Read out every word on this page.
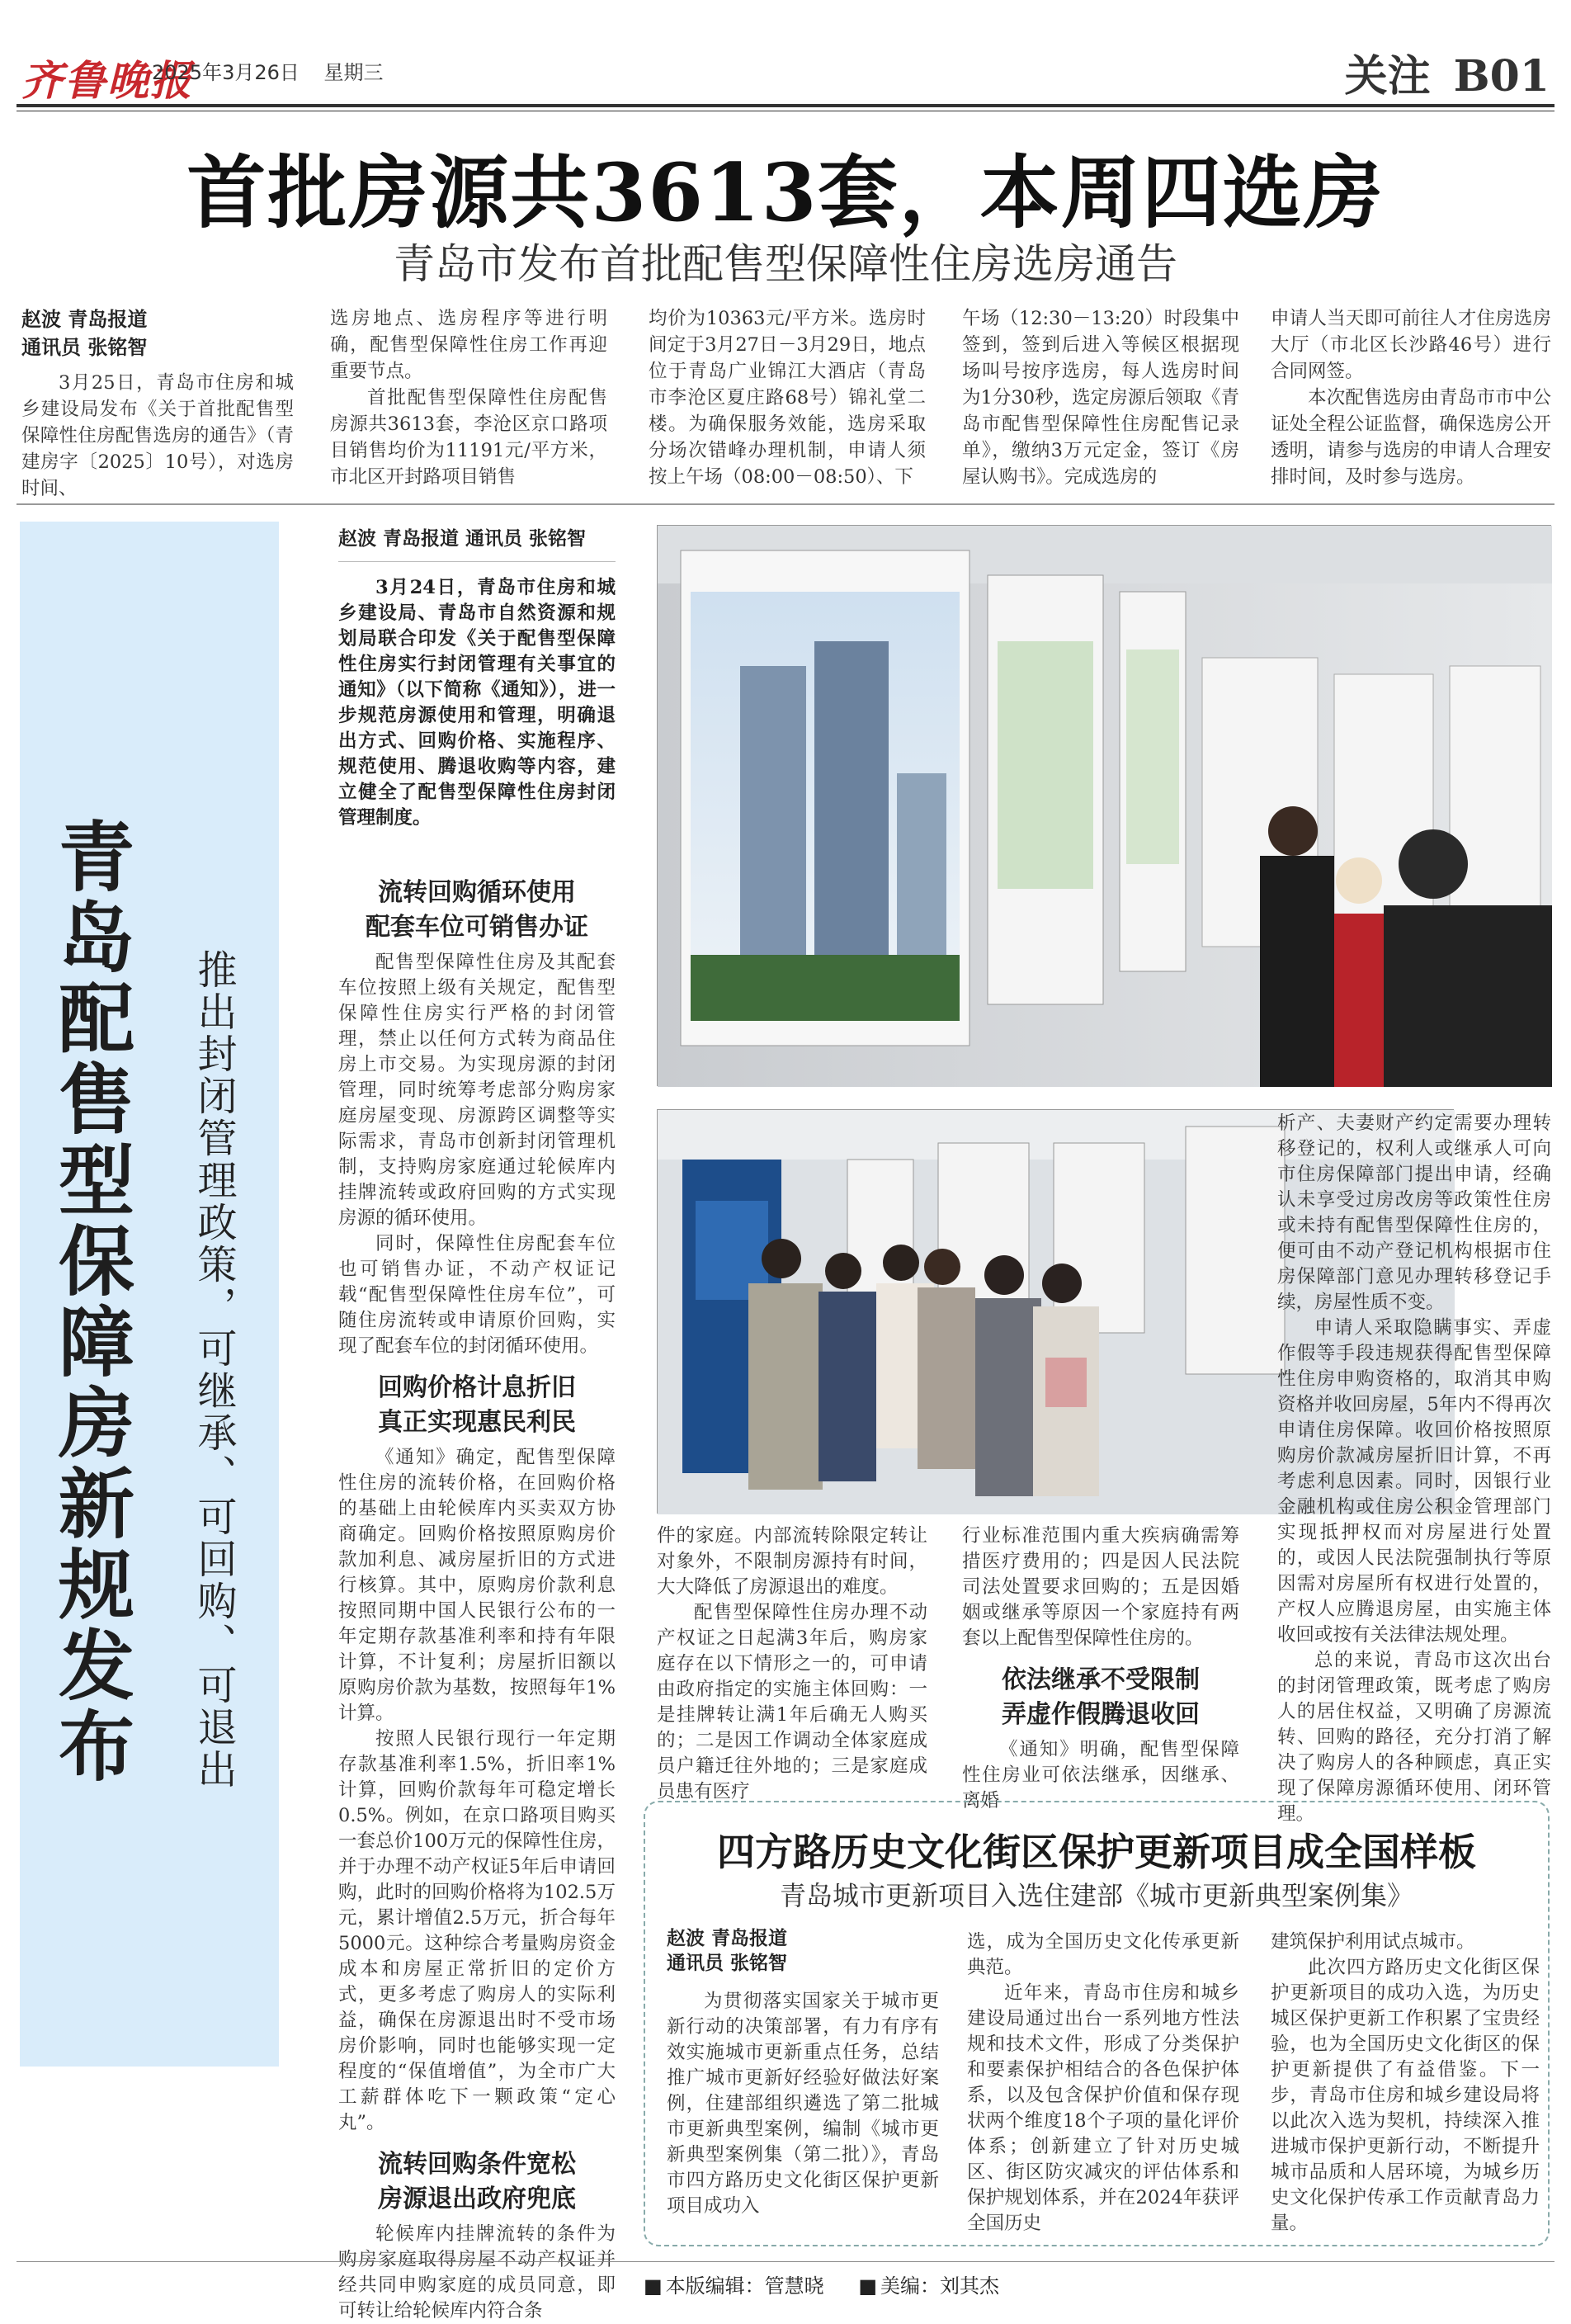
齐鲁晚报
2025年3月26日 星期三	关注 B01
首批房源共3613套，本周四选房
青岛市发布首批配售型保障性住房选房通告
赵波 青岛报道
通讯员 张铭智

3月25日，青岛市住房和城乡建设局发布《关于首批配售型保障性住房配售选房的通告》（青建房字〔2025〕10号），对选房时间、

选房地点、选房程序等进行明确，配售型保障性住房工作再迎重要节点。

首批配售型保障性住房配售房源共3613套，李沧区京口路项目销售均价为11191元/平方米，市北区开封路项目销售

均价为10363元/平方米。选房时间定于3月27日－3月29日，地点位于青岛广业锦江大酒店（青岛市李沧区夏庄路68号）锦礼堂二楼。为确保服务效能，选房采取分场次错峰办理机制，申请人须按上午场（08:00－08:50）、下
午场（12:30－13:20）时段集中签到，签到后进入等候区根据现场叫号按序选房，每人选房时间为1分30秒，选定房源后领取《青岛市配售型保障性住房配售记录单》，缴纳3万元定金，签订《房屋认购书》。完成选房的
申请人当天即可前往人才住房选房大厅（市北区长沙路46号）进行合同网签。

本次配售选房由青岛市市中公证处全程公证监督，确保选房公开透明，请参与选房的申请人合理安排时间，及时参与选房。

青岛配售型保障房新规发布 推出封闭管理政策，可继承、可回购、可退出
赵波 青岛报道 通讯员 张铭智

3月24日，青岛市住房和城乡建设局、青岛市自然资源和规划局联合印发《关于配售型保障性住房实行封闭管理有关事宜的通知》（以下简称《通知》），进一步规范房源使用和管理，明确退出方式、回购价格、实施程序、规范使用、腾退收购等内容，建立健全了配售型保障性住房封闭管理制度。

流转回购循环使用
配套车位可销售办证

配售型保障性住房及其配套车位按照上级有关规定，配售型保障性住房实行严格的封闭管理，禁止以任何方式转为商品住房上市交易。为实现房源的封闭管理，同时统筹考虑部分购房家庭房屋变现、房源跨区调整等实际需求，青岛市创新封闭管理机制，支持购房家庭通过轮候库内挂牌流转或政府回购的方式实现房源的循环使用。

同时，保障性住房配套车位也可销售办证，不动产权证记载“配售型保障性住房车位”，可随住房流转或申请原价回购，实现了配套车位的封闭循环使用。

回购价格计息折旧
真正实现惠民利民

《通知》确定，配售型保障性住房的流转价格，在回购价格的基础上由轮候库内买卖双方协商确定。回购价格按照原购房价款加利息、减房屋折旧的方式进行核算。其中，原购房价款利息按照同期中国人民银行公布的一年定期存款基准利率和持有年限计算，不计复利；房屋折旧额以原购房价款为基数，按照每年1%计算。

按照人民银行现行一年定期存款基准利率1.5%，折旧率1%计算，回购价款每年可稳定增长0.5%。例如，在京口路项目购买一套总价100万元的保障性住房，并于办理不动产权证5年后申请回购，此时的回购价格将为102.5万元，累计增值2.5万元，折合每年5000元。这种综合考量购房资金成本和房屋正常折旧的定价方式，更多考虑了购房人的实际利益，确保在房源退出时不受市场房价影响，同时也能够实现一定程度的“保值增值”，为全市广大工薪群体吃下一颗政策“定心丸”。

流转回购条件宽松
房源退出政府兜底

轮候库内挂牌流转的条件为购房家庭取得房屋不动产权证并经共同申购家庭的成员同意，即可转让给轮候库内符合条

件的家庭。内部流转除限定转让对象外，不限制房源持有时间，大大降低了房源退出的难度。

配售型保障性住房办理不动产权证之日起满3年后，购房家庭存在以下情形之一的，可申请由政府指定的实施主体回购：一是挂牌转让满1年后确无人购买的；二是因工作调动全体家庭成员户籍迁往外地的；三是家庭成员患有医疗

行业标准范围内重大疾病确需筹措医疗费用的；四是因人民法院司法处置要求回购的；五是因婚姻或继承等原因一个家庭持有两套以上配售型保障性住房的。
依法继承不受限制
弄虚作假腾退收回

《通知》明确，配售型保障性住房业可依法继承，因继承、离婚

析产、夫妻财产约定需要办理转移登记的，权利人或继承人可向市住房保障部门提出申请，经确认未享受过房改房等政策性住房或未持有配售型保障性住房的，便可由不动产登记机构根据市住房保障部门意见办理转移登记手续，房屋性质不变。

申请人采取隐瞒事实、弄虚作假等手段违规获得配售型保障性住房申购资格的，取消其申购资格并收回房屋，5年内不得再次申请住房保障。收回价格按照原购房价款减房屋折旧计算，不再考虑利息因素。同时，因银行业金融机构或住房公积金管理部门实现抵押权而对房屋进行处置的，或因人民法院强制执行等原因需对房屋所有权进行处置的，产权人应腾退房屋，由实施主体收回或按有关法律法规处理。

总的来说，青岛市这次出台的封闭管理政策，既考虑了购房人的居住权益，又明确了房源流转、回购的路径，充分打消了解决了购房人的各种顾虑，真正实现了保障房源循环使用、闭环管理。

四方路历史文化街区保护更新项目成全国样板
青岛城市更新项目入选住建部《城市更新典型案例集》
赵波 青岛报道
通讯员 张铭智

为贯彻落实国家关于城市更新行动的决策部署，有力有序有效实施城市更新重点任务，总结推广城市更新好经验好做法好案例，住建部组织遴选了第二批城市更新典型案例，编制《城市更新典型案例集（第二批）》，青岛市四方路历史文化街区保护更新项目成功入

选，成为全国历史文化传承更新典范。

近年来，青岛市住房和城乡建设局通过出台一系列地方性法规和技术文件，形成了分类保护和要素保护相结合的各色保护体系，以及包含保护价值和保存现状两个维度18个子项的量化评价体系；创新建立了针对历史城区、街区防灾减灾的评估体系和保护规划体系，并在2024年获评全国历史

建筑保护利用试点城市。

此次四方路历史文化街区保护更新项目的成功入选，为历史城区保护更新工作积累了宝贵经验，也为全国历史文化街区的保护更新提供了有益借鉴。下一步，青岛市住房和城乡建设局将以此次入选为契机，持续深入推进城市保护更新行动，不断提升城市品质和人居环境，为城乡历史文化保护传承工作贡献青岛力量。

■ 本版编辑：管慧晓 ■	美编：刘其杰
